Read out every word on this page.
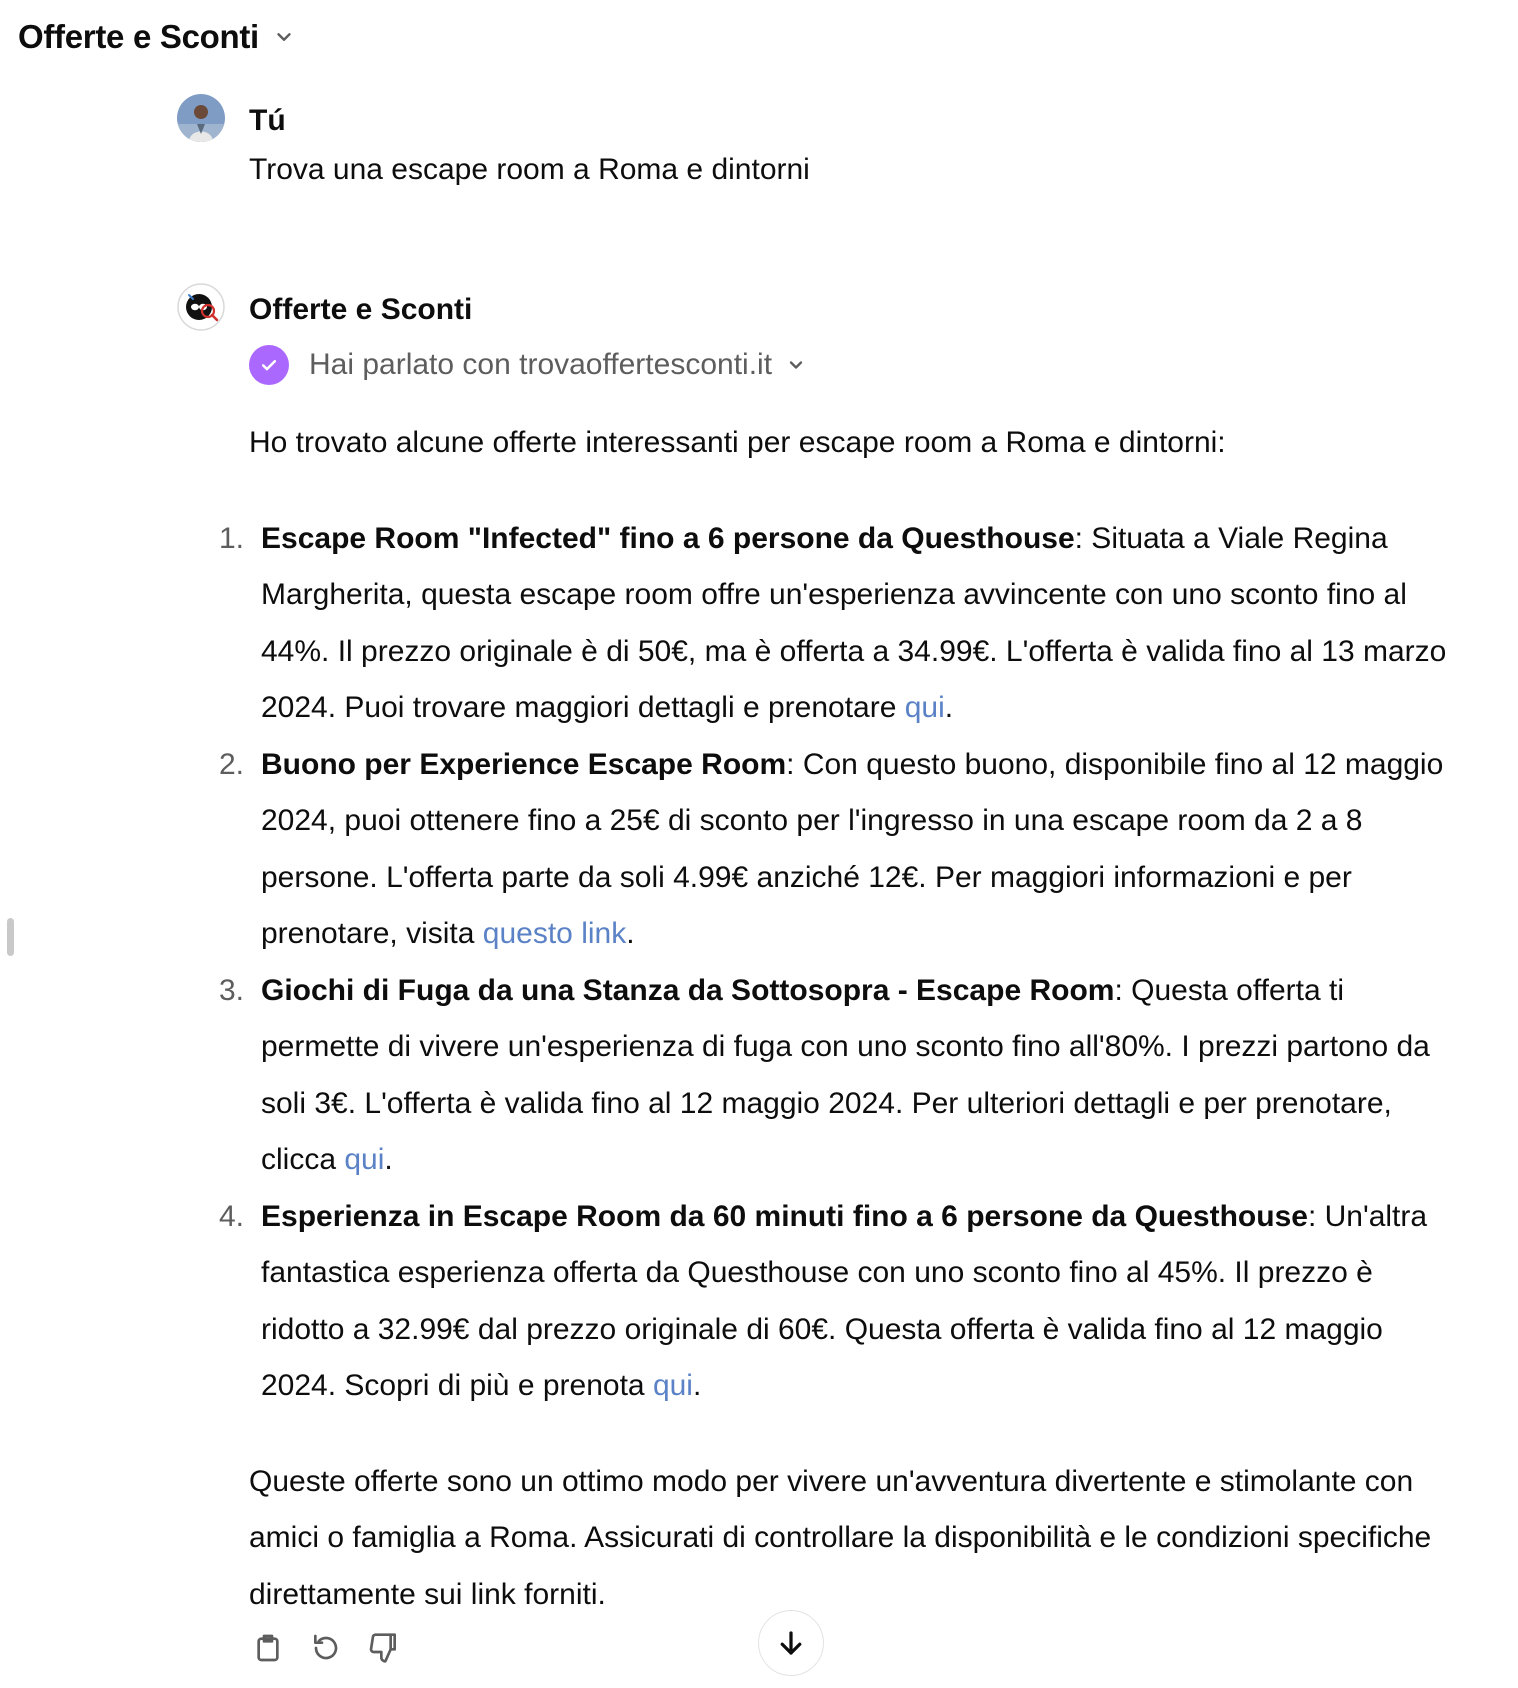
Offerte e Sconti
Tú
Trova una escape room a Roma e dintorni
Offerte e Sconti
Hai parlato con trovaoffertesconti.it

Ho trovato alcune offerte interessanti per escape room a Roma e dintorni:

1. Escape Room "Infected" fino a 6 persone da Questhouse: Situata a Viale Regina Margherita, questa escape room offre un'esperienza avvincente con uno sconto fino al 44%. Il prezzo originale è di 50€, ma è offerta a 34.99€. L'offerta è valida fino al 13 marzo 2024. Puoi trovare maggiori dettagli e prenotare qui.
2. Buono per Experience Escape Room: Con questo buono, disponibile fino al 12 maggio 2024, puoi ottenere fino a 25€ di sconto per l'ingresso in una escape room da 2 a 8 persone. L'offerta parte da soli 4.99€ anziché 12€. Per maggiori informazioni e per prenotare, visita questo link.
3. Giochi di Fuga da una Stanza da Sottosopra - Escape Room: Questa offerta ti permette di vivere un'esperienza di fuga con uno sconto fino all'80%. I prezzi partono da soli 3€. L'offerta è valida fino al 12 maggio 2024. Per ulteriori dettagli e per prenotare, clicca qui.
4. Esperienza in Escape Room da 60 minuti fino a 6 persone da Questhouse: Un'altra fantastica esperienza offerta da Questhouse con uno sconto fino al 45%. Il prezzo è ridotto a 32.99€ dal prezzo originale di 60€. Questa offerta è valida fino al 12 maggio 2024. Scopri di più e prenota qui.

Queste offerte sono un ottimo modo per vivere un'avventura divertente e stimolante con amici o famiglia a Roma. Assicurati di controllare la disponibilità e le condizioni specifiche direttamente sui link forniti.
